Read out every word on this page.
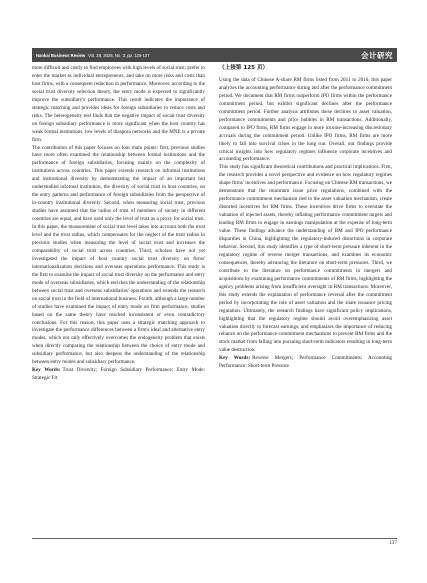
Nankai Business Review Vol. 28, 2025, No. 3, pp. 126-137	会计研究

more difficult and costly to find employees with high levels of social trust; prefer to enter the market as individual entrepreneurs, and take on more risks and costs than host firms, with a consequent reduction in performance. Moreover, according to the social trust diversity selection theory, the entry mode is expected to significantly improve the subsidiary's performance. This result indicates the importance of strategic matching and provides ideas for foreign subsidiaries to reduce costs and risks. The heterogeneity test finds that the negative impact of social trust diversity on foreign subsidiary performance is more significant when the host country has weak formal institutions, low levels of diaspora networks and the MNE is a private firm.

The contribution of this paper focuses on four main points: first, previous studies have more often examined the relationship between formal institutions and the performance of foreign subsidiaries, focusing mainly on the complexity of institutions across countries. This paper extends research on informal institutions and institutional diversity by demonstrating the impact of an important but understudied informal institution, the diversity of social trust in host countries, on the entry patterns and performance of foreign subsidiaries from the perspective of in-country institutional diversity. Second, when measuring social trust, previous studies have assumed that the radius of trust of members of society in different countries are equal, and have used only the level of trust as a proxy for social trust. In this paper, the measurement of social trust level takes into account both the trust level and the trust radius, which compensates for the neglect of the trust radius in previous studies when measuring the level of social trust and increases the comparability of social trust across countries. Third, scholars have not yet investigated the impact of host country social trust diversity on firms' internationalization decisions and overseas operations performance. This study is the first to examine the impact of social trust diversity on the performance and entry mode of overseas subsidiaries, which enriches the understanding of the relationship between social trust and overseas subsidiaries' operations and extends the research on social trust in the field of international business. Fourth, although a large number of studies have examined the impact of entry mode on firm performance, studies based on the same theory have reached inconsistent or even contradictory conclusions. For this reason, this paper uses a strategic matching approach to investigate the performance differences between a firm's ideal and alternative entry modes, which not only effectively overcomes the endogeneity problem that exists when directly comparing the relationship between the choice of entry mode and subsidiary performance, but also deepens the understanding of the relationship between entry modes and subsidiary performance.

Key Words: Trust Diversity; Foreign Subsidiary Performance; Entry Mode; Strategic Fit

（上接第 125 页）

Using the data of Chinese A-share RM firms listed from 2011 to 2016, this paper analyzes the accounting performance during and after the performance commitment period. We document that RM firms outperform IPO firms within the performance commitment period, but exhibit significant declines after the performance commitment period. Further analysis attributes these declines to asset valuation, performance commitments and price bubbles in RM transactions. Additionally, compared to IPO firms, RM firms engage in more income-increasing discretionary accruals during the commitment period. Unlike IPO firms, RM firms are more likely to fall into survival crises in the long run. Overall, our findings provide critical insights into how regulatory regimes influence corporate incentives and accounting performance.

This study has significant theoretical contributions and practical implications. First, the research provides a novel perspective and evidence on how regulatory regimes shape firms' incentives and performance. Focusing on Chinese RM transactions, we demonstrate that the minimum issue price regulations, combined with the performance commitment mechanism tied to the asset valuation mechanism, create distorted incentives for RM firms. These incentives drive firms to overstate the valuation of injected assets, thereby inflating performance commitment targets and leading RM firms to engage in earnings manipulation at the expense of long-term value. These findings advance the understanding of RM and IPO performance disparities in China, highlighting the regulatory-induced distortions in corporate behavior. Second, this study identifies a type of short-term pressure inherent in the regulatory regime of reverse merger transactions, and examines its economic consequences, thereby advancing the literature on short-term pressures. Third, we contribute to the literature on performance commitments in mergers and acquisitions by examining performance commitments of RM firms, highlighting the agency problems arising from insufficient oversight in RM transactions. Moreover, this study extends the explanation of performance reversal after the commitment period by incorporating the role of asset valuation and the share issuance pricing regulation. Ultimately, the research findings have significant policy implications, highlighting that the regulatory regime should avoid overemphasizing asset valuation directly to forecast earnings, and emphasizes the importance of reducing reliance on the performance commitment mechanisms to prevent RM firms and the stock market from falling into pursuing short-term indicators resulting in long-term value destruction.

Key Words: Reverse Mergers; Performance Commitments; Accounting Performance; Short-term Pressure

137
